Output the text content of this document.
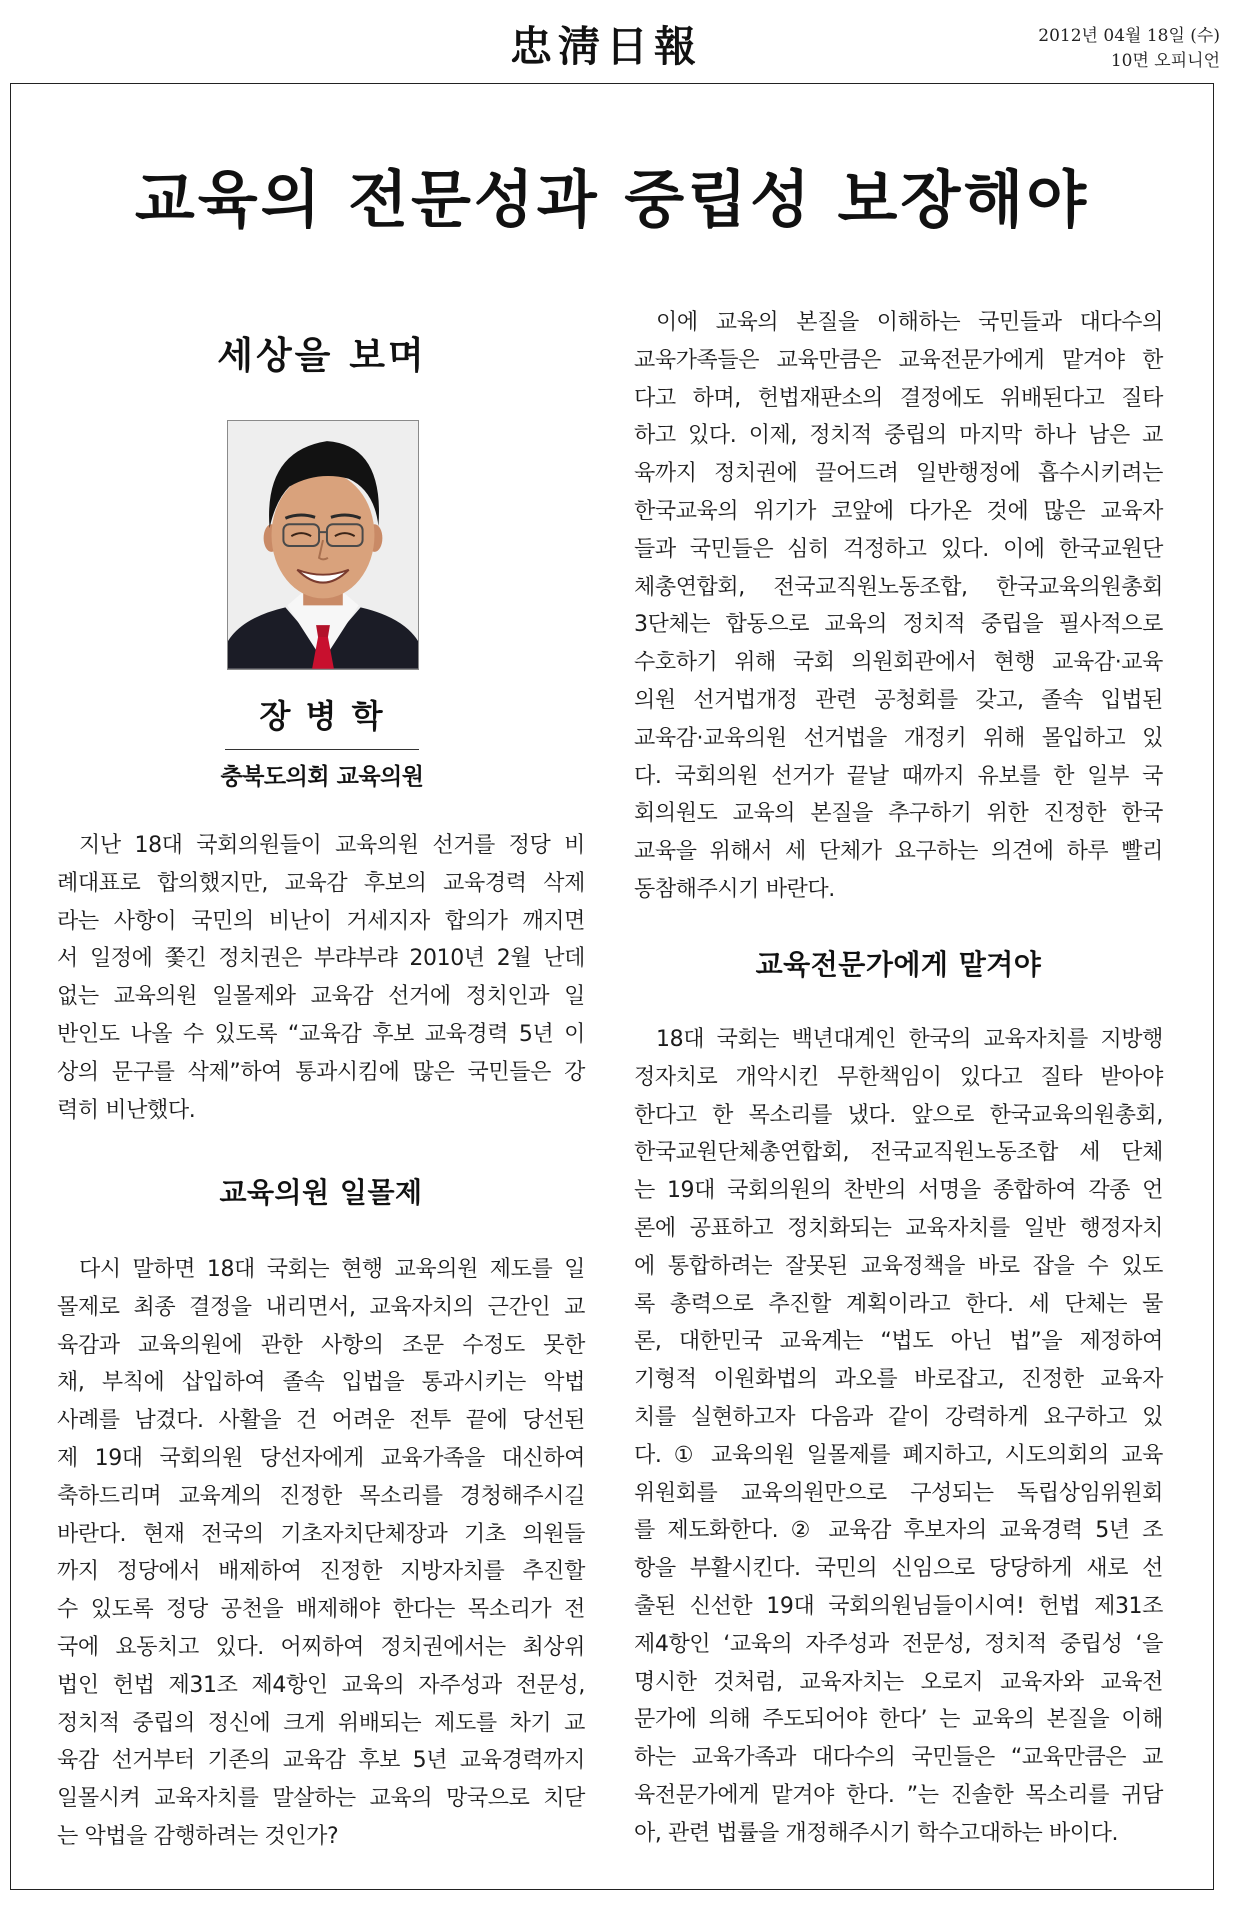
忠淸日報	2012년 04월 18일 (수)
10면 오피니언
교육의 전문성과 중립성 보장해야
세상을 보며
장 병 학
충북도의회 교육의원
지난 18대 국회의원들이 교육의원 선거를 정당 비
례대표로 합의했지만, 교육감 후보의 교육경력 삭제
라는 사항이 국민의 비난이 거세지자 합의가 깨지면
서 일정에 쫓긴 정치권은 부랴부랴 2010년 2월 난데
없는 교육의원 일몰제와 교육감 선거에 정치인과 일
반인도 나올 수 있도록 “교육감 후보 교육경력 5년 이
상의 문구를 삭제”하여 통과시킴에 많은 국민들은 강
력히 비난했다.
교육의원 일몰제
다시 말하면 18대 국회는 현행 교육의원 제도를 일
몰제로 최종 결정을 내리면서, 교육자치의 근간인 교
육감과 교육의원에 관한 사항의 조문 수정도 못한
채, 부칙에 삽입하여 졸속 입법을 통과시키는 악법
사례를 남겼다. 사활을 건 어려운 전투 끝에 당선된
제 19대 국회의원 당선자에게 교육가족을 대신하여
축하드리며 교육계의 진정한 목소리를 경청해주시길
바란다. 현재 전국의 기초자치단체장과 기초 의원들
까지 정당에서 배제하여 진정한 지방자치를 추진할
수 있도록 정당 공천을 배제해야 한다는 목소리가 전
국에 요동치고 있다. 어찌하여 정치권에서는 최상위
법인 헌법 제31조 제4항인 교육의 자주성과 전문성,
정치적 중립의 정신에 크게 위배되는 제도를 차기 교
육감 선거부터 기존의 교육감 후보 5년 교육경력까지
일몰시켜 교육자치를 말살하는 교육의 망국으로 치닫
는 악법을 감행하려는 것인가?
이에 교육의 본질을 이해하는 국민들과 대다수의
교육가족들은 교육만큼은 교육전문가에게 맡겨야 한
다고 하며, 헌법재판소의 결정에도 위배된다고 질타
하고 있다. 이제, 정치적 중립의 마지막 하나 남은 교
육까지 정치권에 끌어드려 일반행정에 흡수시키려는
한국교육의 위기가 코앞에 다가온 것에 많은 교육자
들과 국민들은 심히 걱정하고 있다. 이에 한국교원단
체총연합회, 전국교직원노동조합, 한국교육의원총회
3단체는 합동으로 교육의 정치적 중립을 필사적으로
수호하기 위해 국회 의원회관에서 현행 교육감·교육
의원 선거법개정 관련 공청회를 갖고, 졸속 입법된
교육감·교육의원 선거법을 개정키 위해 몰입하고 있
다. 국회의원 선거가 끝날 때까지 유보를 한 일부 국
회의원도 교육의 본질을 추구하기 위한 진정한 한국
교육을 위해서 세 단체가 요구하는 의견에 하루 빨리
동참해주시기 바란다.
교육전문가에게 맡겨야
18대 국회는 백년대계인 한국의 교육자치를 지방행
정자치로 개악시킨 무한책임이 있다고 질타 받아야
한다고 한 목소리를 냈다. 앞으로 한국교육의원총회,
한국교원단체총연합회, 전국교직원노동조합 세 단체
는 19대 국회의원의 찬반의 서명을 종합하여 각종 언
론에 공표하고 정치화되는 교육자치를 일반 행정자치
에 통합하려는 잘못된 교육정책을 바로 잡을 수 있도
록 총력으로 추진할 계획이라고 한다. 세 단체는 물
론, 대한민국 교육계는 “법도 아닌 법”을 제정하여
기형적 이원화법의 과오를 바로잡고, 진정한 교육자
치를 실현하고자 다음과 같이 강력하게 요구하고 있
다. ① 교육의원 일몰제를 폐지하고, 시도의회의 교육
위원회를 교육의원만으로 구성되는 독립상임위원회
를 제도화한다. ② 교육감 후보자의 교육경력 5년 조
항을 부활시킨다. 국민의 신임으로 당당하게 새로 선
출된 신선한 19대 국회의원님들이시여! 헌법 제31조
제4항인 ‘교육의 자주성과 전문성, 정치적 중립성 ‘을
명시한 것처럼, 교육자치는 오로지 교육자와 교육전
문가에 의해 주도되어야 한다’ 는 교육의 본질을 이해
하는 교육가족과 대다수의 국민들은 “교육만큼은 교
육전문가에게 맡겨야 한다. ”는 진솔한 목소리를 귀담
아, 관련 법률을 개정해주시기 학수고대하는 바이다.
